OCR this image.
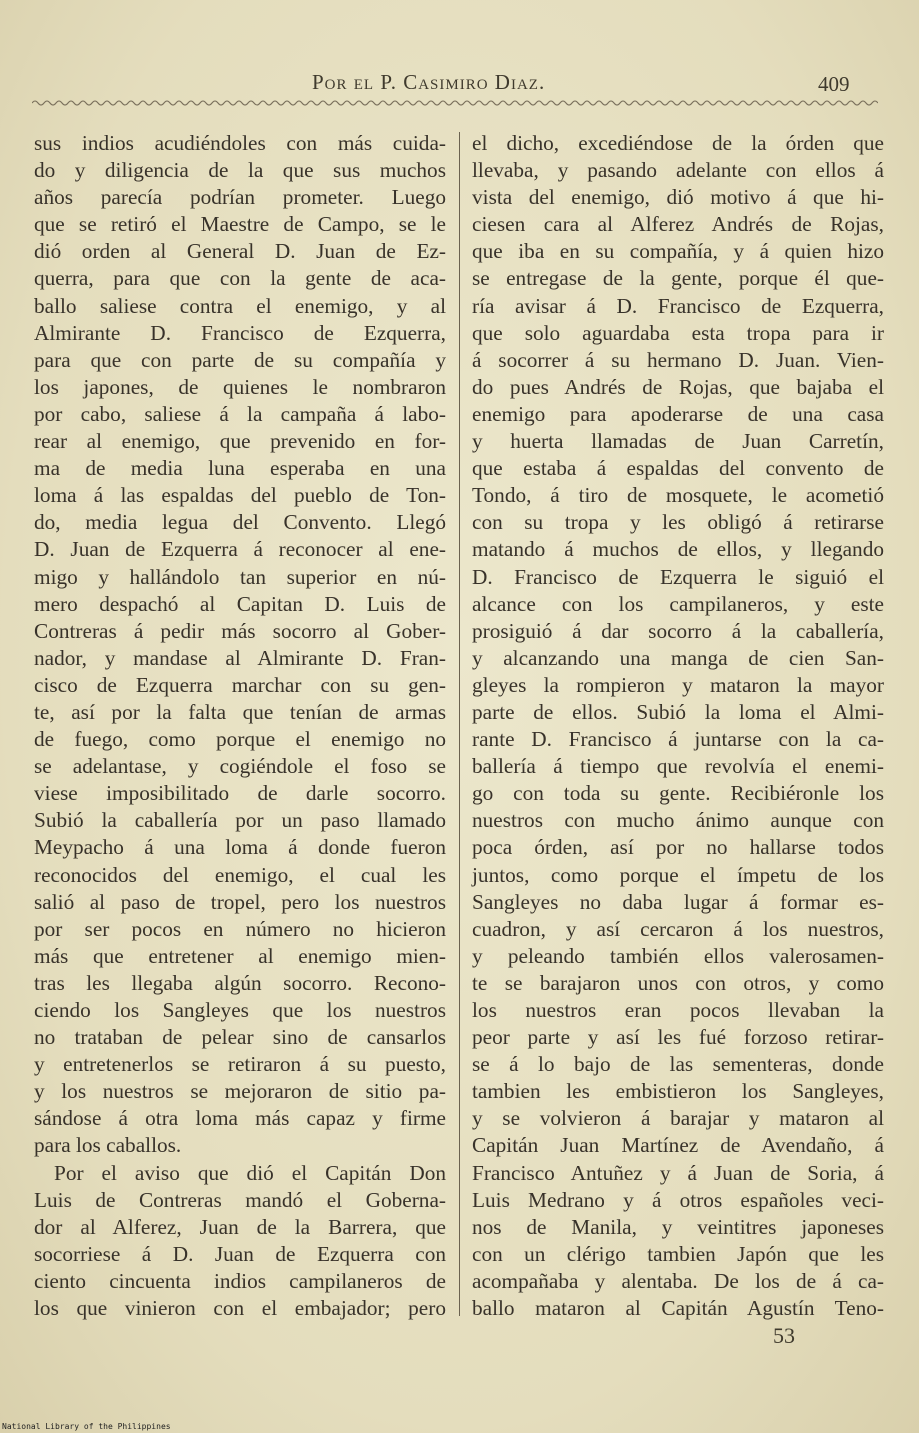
Por el P. Casimiro Diaz.	409
sus indios acudiéndoles con más cuida-
do y diligencia de la que sus muchos
años parecía podrían prometer. Luego
que se retiró el Maestre de Campo, se le
dió orden al General D. Juan de Ez-
querra, para que con la gente de aca-
ballo saliese contra el enemigo, y al
Almirante D. Francisco de Ezquerra,
para que con parte de su compañía y
los japones, de quienes le nombraron
por cabo, saliese á la campaña á labo-
rear al enemigo, que prevenido en for-
ma de media luna esperaba en una
loma á las espaldas del pueblo de Ton-
do, media legua del Convento. Llegó
D. Juan de Ezquerra á reconocer al ene-
migo y hallándolo tan superior en nú-
mero despachó al Capitan D. Luis de
Contreras á pedir más socorro al Gober-
nador, y mandase al Almirante D. Fran-
cisco de Ezquerra marchar con su gen-
te, así por la falta que tenían de armas
de fuego, como porque el enemigo no
se adelantase, y cogiéndole el foso se
viese imposibilitado de darle socorro.
Subió la caballería por un paso llamado
Meypacho á una loma á donde fueron
reconocidos del enemigo, el cual les
salió al paso de tropel, pero los nuestros
por ser pocos en número no hicieron
más que entretener al enemigo mien-
tras les llegaba algún socorro. Recono-
ciendo los Sangleyes que los nuestros
no trataban de pelear sino de cansarlos
y entretenerlos se retiraron á su puesto,
y los nuestros se mejoraron de sitio pa-
sándose á otra loma más capaz y firme
para los caballos.
Por el aviso que dió el Capitán Don
Luis de Contreras mandó el Goberna-
dor al Alferez, Juan de la Barrera, que
socorriese á D. Juan de Ezquerra con
ciento cincuenta indios campilaneros de
los que vinieron con el embajador; pero
el dicho, excediéndose de la órden que
llevaba, y pasando adelante con ellos á
vista del enemigo, dió motivo á que hi-
ciesen cara al Alferez Andrés de Rojas,
que iba en su compañía, y á quien hizo
se entregase de la gente, porque él que-
ría avisar á D. Francisco de Ezquerra,
que solo aguardaba esta tropa para ir
á socorrer á su hermano D. Juan. Vien-
do pues Andrés de Rojas, que bajaba el
enemigo para apoderarse de una casa
y huerta llamadas de Juan Carretín,
que estaba á espaldas del convento de
Tondo, á tiro de mosquete, le acometió
con su tropa y les obligó á retirarse
matando á muchos de ellos, y llegando
D. Francisco de Ezquerra le siguió el
alcance con los campilaneros, y este
prosiguió á dar socorro á la caballería,
y alcanzando una manga de cien San-
gleyes la rompieron y mataron la mayor
parte de ellos. Subió la loma el Almi-
rante D. Francisco á juntarse con la ca-
ballería á tiempo que revolvía el enemi-
go con toda su gente. Recibiéronle los
nuestros con mucho ánimo aunque con
poca órden, así por no hallarse todos
juntos, como porque el ímpetu de los
Sangleyes no daba lugar á formar es-
cuadron, y así cercaron á los nuestros,
y peleando también ellos valerosamen-
te se barajaron unos con otros, y como
los nuestros eran pocos llevaban la
peor parte y así les fué forzoso retirar-
se á lo bajo de las sementeras, donde
tambien les embistieron los Sangleyes,
y se volvieron á barajar y mataron al
Capitán Juan Martínez de Avendaño, á
Francisco Antuñez y á Juan de Soria, á
Luis Medrano y á otros españoles veci-
nos de Manila, y veintitres japoneses
con un clérigo tambien Japón que les
acompañaba y alentaba. De los de á ca-
ballo mataron al Capitán Agustín Teno-
53
National Library of the Philippines
